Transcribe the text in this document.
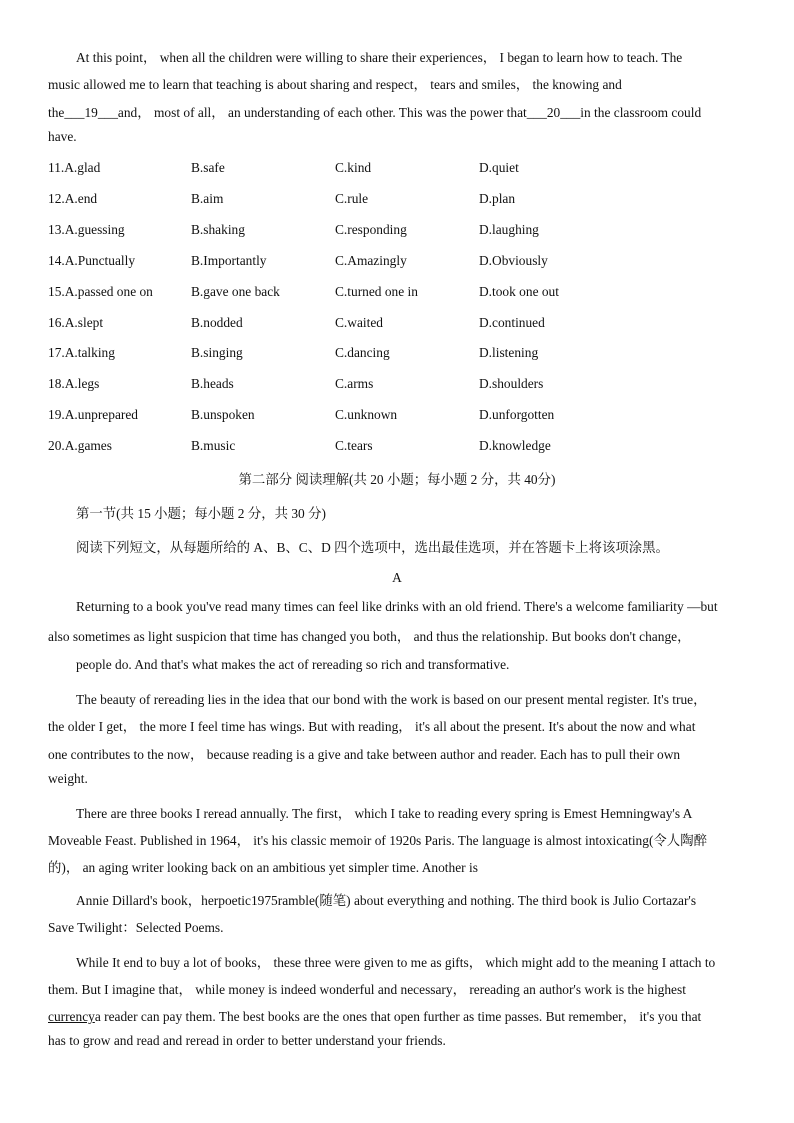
At this point， when all the children were willing to share their experiences， I began to learn how to teach. The
music allowed me to learn that teaching is about sharing and respect， tears and smiles， the knowing and
the___19___and， most of all， an understanding of each other. This was the power that___20___in the classroom could
have.
11.A.glad	B.safe	C.kind	D.quiet
12.A.end	B.aim	C.rule	D.plan
13.A.guessing	B.shaking	C.responding	D.laughing
14.A.Punctually	B.Importantly	C.Amazingly	D.Obviously
15.A.passed one on	B.gave one back	C.turned one in	D.took one out
16.A.slept	B.nodded	C.waited	D.continued
17.A.talking	B.singing	C.dancing	D.listening
18.A.legs	B.heads	C.arms	D.shoulders
19.A.unprepared	B.unspoken	C.unknown	D.unforgotten
20.A.games	B.music	C.tears	D.knowledge
第二部分 阅读理解(共 20 小题；每小题 2 分，共 40分)
第一节(共 15 小题；每小题 2 分，共 30 分)
阅读下列短文，从每题所给的 A、B、C、D 四个选项中，选出最佳选项，并在答题卡上将该项涂黑。
A
Returning to a book you've read many times can feel like drinks with an old friend. There's a welcome familiarity —but
also sometimes as light suspicion that time has changed you both， and thus the relationship. But books don't change，
people do. And that's what makes the act of rereading so rich and transformative.
The beauty of rereading lies in the idea that our bond with the work is based on our present mental register. It's true，
the older I get， the more I feel time has wings. But with reading， it's all about the present. It's about the now and what
one contributes to the now， because reading is a give and take between author and reader. Each has to pull their own
weight.
There are three books I reread annually. The first， which I take to reading every spring is Emest Hemningway's A
Moveable Feast. Published in 1964， it's his classic memoir of 1920s Paris. The language is almost intoxicating(令人陶醉
的)， an aging writer looking back on an ambitious yet simpler time. Another is
Annie Dillard's book，herpoetic1975ramble(随笔) about everything and nothing. The third book is Julio Cortazar's
Save Twilight：Selected Poems.
While It end to buy a lot of books， these three were given to me as gifts， which might add to the meaning I attach to
them. But I imagine that， while money is indeed wonderful and necessary， rereading an author's work is the highest
currencya reader can pay them. The best books are the ones that open further as time passes. But remember， it's you that
has to grow and read and reread in order to better understand your friends.
